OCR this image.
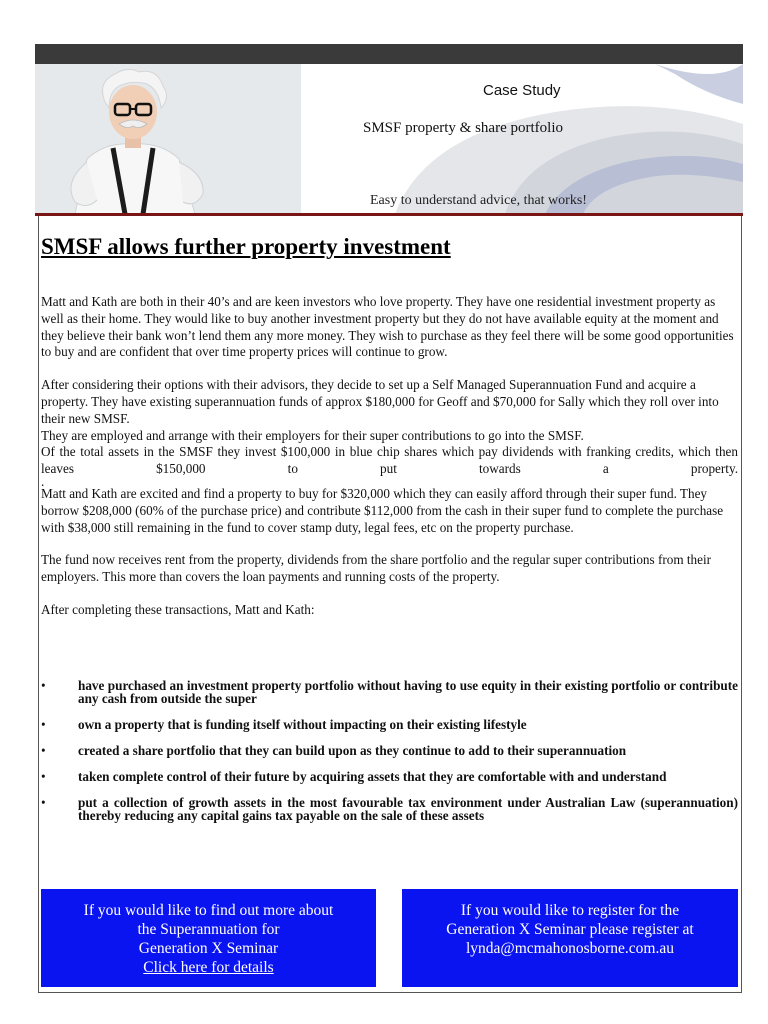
Case Study
SMSF property & share portfolio
Easy to understand advice, that works!
SMSF allows further property investment

Matt and Kath are both in their 40’s and are keen investors who love property. They have one residential investment property as well as their home. They would like to buy another investment property but they do not have available equity at the moment and they believe their bank won’t lend them any more money. They wish to purchase as they feel there will be some good opportunities to buy and are confident that over time property prices will continue to grow.

After considering their options with their advisors, they decide to set up a Self Managed Superannuation Fund and acquire a property. They have existing superannuation funds of approx $180,000 for Geoff and $70,000 for Sally which they roll over into their new SMSF.
They are employed and arrange with their employers for their super contributions to go into the SMSF.
Of the total assets in the SMSF they invest $100,000 in blue chip shares which pay dividends with franking credits, which then leaves $150,000 to put towards a property.
.

Matt and Kath are excited and find a property to buy for $320,000 which they can easily afford through their super fund. They borrow $208,000 (60% of the purchase price) and contribute $112,000 from the cash in their super fund to complete the purchase with $38,000 still remaining in the fund to cover stamp duty, legal fees, etc on the property purchase.

The fund now receives rent from the property, dividends from the share portfolio and the regular super contributions from their employers. This more than covers the loan payments and running costs of the property.

After completing these transactions, Matt and Kath:

• have purchased an investment property portfolio without having to use equity in their existing portfolio or contribute any cash from outside the super
• own a property that is funding itself without impacting on their existing lifestyle
• created a share portfolio that they can build upon as they continue to add to their superannuation
• taken complete control of their future by acquiring assets that they are comfortable with and understand
• put a collection of growth assets in the most favourable tax environment under Australian Law (superannuation) thereby reducing any capital gains tax payable on the sale of these assets
If you would like to find out more about
the Superannuation for
Generation X Seminar
Click here for details
If you would like to register for the
Generation X Seminar please register at
lynda@mcmahonosborne.com.au
